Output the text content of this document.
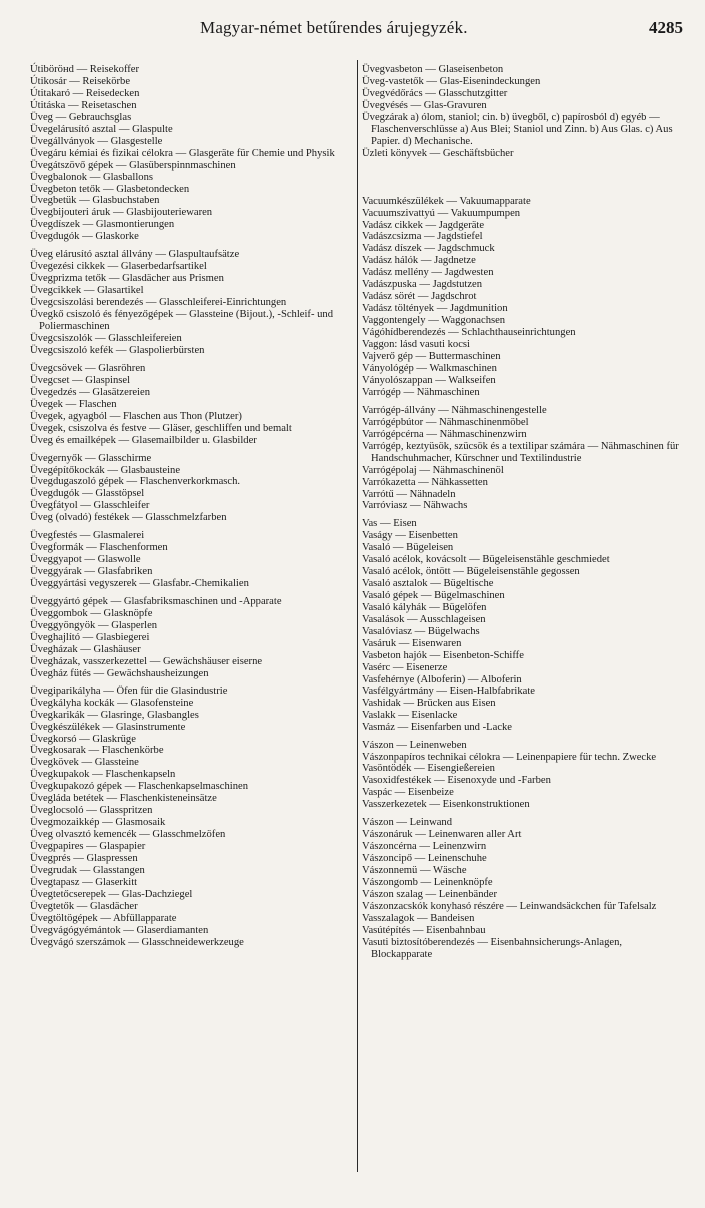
Magyar-német betűrendes árujegyzék.	4285

Útiböröнd — Reisekoffer

Útikosár — Reisekörbe

Útitakaró — Reisedecken

Útitáska — Reisetaschen

Üveg — Gebrauchsglas

Üvegelárusító asztal — Glaspulte

Üvegállványok — Glasgestelle

Üvegáru kémiai és fizikai célokra — Glasgeräte für Chemie und Physik

Üvegátszövő gépek — Glasüberspinnmaschinen

Üvegbalonok — Glasballons

Üvegbeton tetők — Glasbetondecken

Üvegbetük — Glasbuchstaben

Üvegbijouteri áruk — Glasbijouteriewaren

Üvegdíszek — Glasmontierungen

Üvegdugók — Glaskorke

Üveg elárusító asztal állvány — Glaspultaufsätze

Üvegezési cikkek — Glaserbedarfsartikel

Üvegprizma tetők — Glasdächer aus Prismen

Üvegcikkek — Glasartikel

Üvegcsiszolási berendezés — Glasschleiferei-Einrichtungen

Üvegkő csiszoló és fényezőgépek — Glassteine (Bijout.), -Schleif- und Poliermaschinen

Üvegcsiszolók — Glasschleifereien

Üvegcsiszoló kefék — Glaspolierbürsten

Üvegcsövek — Glasröhren

Üvegcset — Glaspinsel

Üvegedzés — Glasätzereien

Üvegek — Flaschen

Üvegek, agyagból — Flaschen aus Thon (Plutzer)

Üvegek, csiszolva és festve — Gläser, geschliffen und bemalt

Üveg és emailképek — Glasemailbilder u. Glasbilder

Üvegernyők — Glasschirme

Üvegépítőkockák — Glasbausteine

Üvegdugaszoló gépek — Flaschenverkorkmasch.

Üvegdugók — Glasstöpsel

Üvegfátyol — Glasschleifer

Üveg (olvadó) festékek — Glasschmelzfarben

Üvegfestés — Glasmalerei

Üvegformák — Flaschenformen

Üveggyapot — Glaswolle

Üveggyárak — Glasfabriken

Üveggyártási vegyszerek — Glasfabr.-Chemikalien

Üveggyártó gépek — Glasfabriksmaschinen und -Apparate

Üveggombok — Glasknöpfe

Üveggyöngyök — Glasperlen

Üveghajlító — Glasbiegerei

Üvegházak — Glashäuser

Üvegházak, vasszerkezettel — Gewächshäuser eiserne

Üvegház fütés — Gewächshausheizungen

Üvegiparikályha — Öfen für die Glasindustrie

Üvegkályha kockák — Glasofensteine

Üvegkarikák — Glasringe, Glasbangles

Üvegkészülékek — Glasinstrumente

Üvegkorsó — Glaskrüge

Üvegkosarak — Flaschenkörbe

Üvegkövek — Glassteine

Üvegkupakok — Flaschenkapseln

Üvegkupakozó gépek — Flaschenkapselmaschinen

Üvegláda betétek — Flaschenkisteneinsätze

Üveglocsoló — Glasspritzen

Üvegmozaikkép — Glasmosaik

Üveg olvasztó kemencék — Glasschmelzöfen

Üvegpapires — Glaspapier

Üvegprés — Glaspressen

Üvegrudak — Glasstangen

Üvegtapasz — Glaserkitt

Üvegtetőcserepek — Glas-Dachziegel

Üvegtetők — Glasdächer

Üvegtöltögépek — Abfüllapparate

Üvegvágógyémántok — Glaserdiamanten

Üvegvágó szerszámok — Glasschneidewerkzeuge

Üvegvasbeton — Glaseisenbeton

Üveg-vastetők — Glas-Eisenindeckungen

Üvegvédőrács — Glasschutzgitter

Üvegvésés — Glas-Gravuren

Üvegzárak a) ólom, staniol; cin. b) üvegből, c) papírosból d) egyéb — Flaschenverschlüsse a) Aus Blei; Staniol und Zinn. b) Aus Glas. c) Aus Papier. d) Mechanische.

Üzleti könyvek — Geschäftsbücher

Vacuumkészülékek — Vakuumapparate

Vacuumszivattyú — Vakuumpumpen

Vadász cikkek — Jagdgeräte

Vadászcsizma — Jagdstiefel

Vadász díszek — Jagdschmuck

Vadász hálók — Jagdnetze

Vadász mellény — Jagdwesten

Vadászpuska — Jagdstutzen

Vadász sörét — Jagdschrot

Vadász töltények — Jagdmunition

Vaggontengely — Waggonachsen

Vágóhídberendezés — Schlachthauseinrichtungen

Vaggon: lásd vasuti kocsi

Vajverő gép — Buttermaschinen

Ványológép — Walkmaschinen

Ványolószappan — Walkseifen

Varrógép — Nähmaschinen

Varrógép-állvány — Nähmaschinengestelle

Varrógépbútor — Nähmaschinenmöbel

Varrógépcérna — Nähmaschinenzwirn

Varrógép, keztyüsök, szücsök és a textilipar számára — Nähmaschinen für Handschuhmacher, Kürschner und Textilindustrie

Varrógépolaj — Nähmaschinenöl

Varrókazetta — Nähkassetten

Varrótű — Nähnadeln

Varróviasz — Nähwachs

Vas — Eisen

Vaságy — Eisenbetten

Vasaló — Bügeleisen

Vasaló acélok, kovácsolt — Bügeleisenstähle geschmiedet

Vasaló acélok, öntött — Bügeleisenstähle gegossen

Vasaló asztalok — Bügeltische

Vasaló gépek — Bügelmaschinen

Vasaló kályhák — Bügelöfen

Vasalások — Ausschlageisen

Vasalóviasz — Bügelwachs

Vasáruk — Eisenwaren

Vasbeton hajók — Eisenbeton-Schiffe

Vasérc — Eisenerze

Vasfehérnye (Alboferin) — Alboferin

Vasfélgyártmány — Eisen-Halbfabrikate

Vashidak — Brücken aus Eisen

Vaslakk — Eisenlacke

Vasmáz — Eisenfarben und -Lacke

Vászon — Leinenweben

Vászonpapíros technikai célokra — Leinenpapiere für techn. Zwecke

Vasöntödék — Eisengießereien

Vasoxidfestékek — Eisenoxyde und -Farben

Vaspác — Eisenbeize

Vasszerkezetek — Eisenkonstruktionen

Vászon — Leinwand

Vászonáruk — Leinenwaren aller Art

Vászoncérna — Leinenzwirn

Vászoncipő — Leinenschuhe

Vászonnemü — Wäsche

Vászongomb — Leinenknöpfe

Vászon szalag — Leinenbänder

Vászonzacskók konyhasó részére — Leinwandsäckchen für Tafelsalz

Vasszalagok — Bandeisen

Vasútépítés — Eisenbahnbau

Vasuti biztosítóberendezés — Eisenbahnsicherungs-Anlagen, Blockapparate
